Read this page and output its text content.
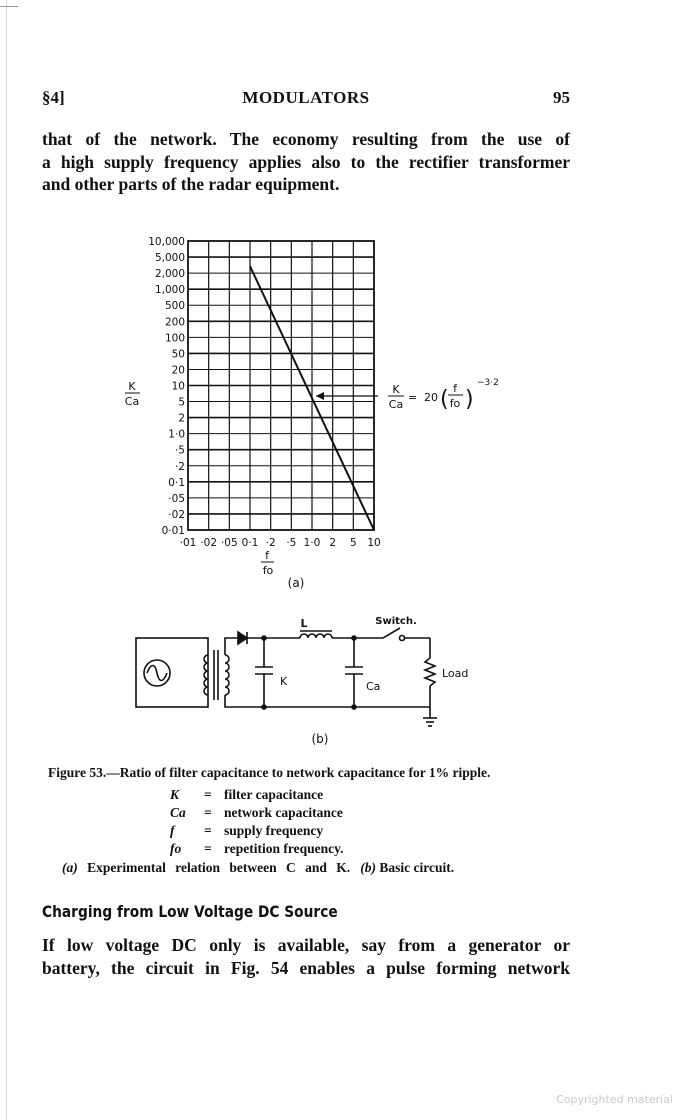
§4]	MODULATORS	95
that of the network. The economy resulting from the use of
a high supply frequency applies also to the rectifier transformer
and other parts of the radar equipment.
10,000
5,000
2,000
1,000
500
200
100
50
20
10
5
2
1·0
·5
·2
0·1
·05
·02
0·01
·01 ·02 ·05 0·1 ·2 ·5 1·0 2 5 10
K
Ca
K
Ca
= 20 ( f
fo )
−3·2
f
fo
(a)
L	Switch.
K	Ca
Load
(b)
Figure 53.—Ratio of filter capacitance to network capacitance for 1% ripple.
K	= filter capacitance
Ca	= network capacitance
f	= supply frequency
fo	= repetition frequency.
(a) Experimental relation between C and K. (b) Basic circuit.
Charging from Low Voltage DC Source
If low voltage DC only is available, say from a generator or
battery, the circuit in Fig. 54 enables a pulse forming network
Copyrighted material
